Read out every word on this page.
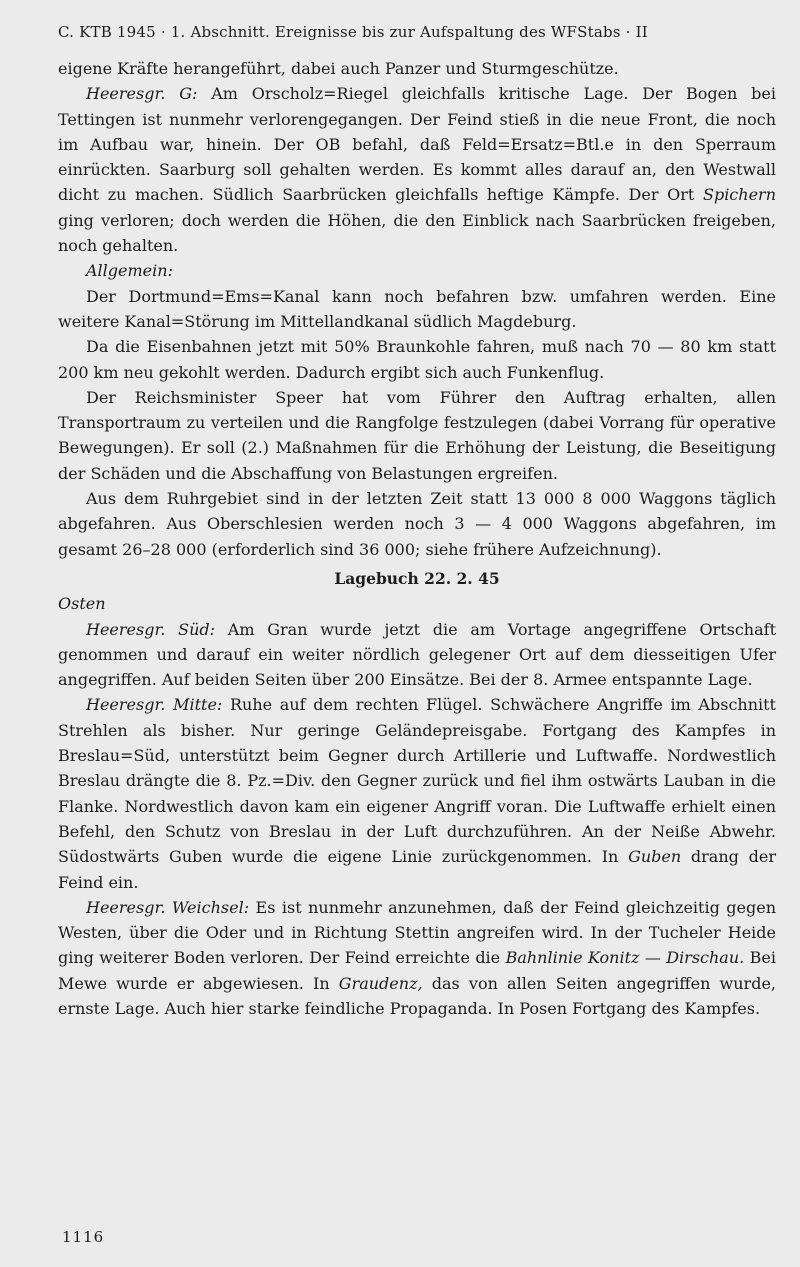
C. KTB 1945 · 1. Abschnitt. Ereignisse bis zur Aufspaltung des WFStabs · II

eigene Kräfte herangeführt, dabei auch Panzer und Sturmgeschütze.

Heeresgr. G: Am Orscholz=Riegel gleichfalls kritische Lage. Der Bogen bei Tettingen ist nunmehr verlorengegangen. Der Feind stieß in die neue Front, die noch im Aufbau war, hinein. Der OB befahl, daß Feld=Ersatz=Btl.e in den Sperraum einrückten. Saarburg soll gehalten werden. Es kommt alles darauf an, den Westwall dicht zu machen. Südlich Saarbrücken gleichfalls heftige Kämpfe. Der Ort Spichern ging verloren; doch werden die Höhen, die den Einblick nach Saarbrücken freigeben, noch gehalten.

Allgemein:

Der Dortmund=Ems=Kanal kann noch befahren bzw. umfahren werden. Eine weitere Kanal=Störung im Mittellandkanal südlich Magdeburg.

Da die Eisenbahnen jetzt mit 50% Braunkohle fahren, muß nach 70 — 80 km statt 200 km neu gekohlt werden. Dadurch ergibt sich auch Funkenflug.

Der Reichsminister Speer hat vom Führer den Auftrag erhalten, allen Transportraum zu verteilen und die Rangfolge festzulegen (dabei Vorrang für operative Bewegungen). Er soll (2.) Maßnahmen für die Erhöhung der Leistung, die Beseitigung der Schäden und die Abschaffung von Belastungen ergreifen.

Aus dem Ruhrgebiet sind in der letzten Zeit statt 13 000 8 000 Waggons täglich abgefahren. Aus Oberschlesien werden noch 3 — 4 000 Waggons abgefahren, im gesamt 26–28 000 (erforderlich sind 36 000; siehe frühere Aufzeichnung).

Lagebuch 22. 2. 45

Osten

Heeresgr. Süd: Am Gran wurde jetzt die am Vortage angegriffene Ortschaft genommen und darauf ein weiter nördlich gelegener Ort auf dem diesseitigen Ufer angegriffen. Auf beiden Seiten über 200 Einsätze. Bei der 8. Armee entspannte Lage.

Heeresgr. Mitte: Ruhe auf dem rechten Flügel. Schwächere Angriffe im Abschnitt Strehlen als bisher. Nur geringe Geländepreisgabe. Fortgang des Kampfes in Breslau=Süd, unterstützt beim Gegner durch Artillerie und Luftwaffe. Nordwestlich Breslau drängte die 8. Pz.=Div. den Gegner zurück und fiel ihm ostwärts Lauban in die Flanke. Nordwestlich davon kam ein eigener Angriff voran. Die Luftwaffe erhielt einen Befehl, den Schutz von Breslau in der Luft durchzuführen. An der Neiße Abwehr. Südostwärts Guben wurde die eigene Linie zurückgenommen. In Guben drang der Feind ein.

Heeresgr. Weichsel: Es ist nunmehr anzunehmen, daß der Feind gleichzeitig gegen Westen, über die Oder und in Richtung Stettin angreifen wird. In der Tucheler Heide ging weiterer Boden verloren. Der Feind erreichte die Bahnlinie Konitz — Dirschau. Bei Mewe wurde er abgewiesen. In Graudenz, das von allen Seiten angegriffen wurde, ernste Lage. Auch hier starke feindliche Propaganda. In Posen Fortgang des Kampfes.

1116
